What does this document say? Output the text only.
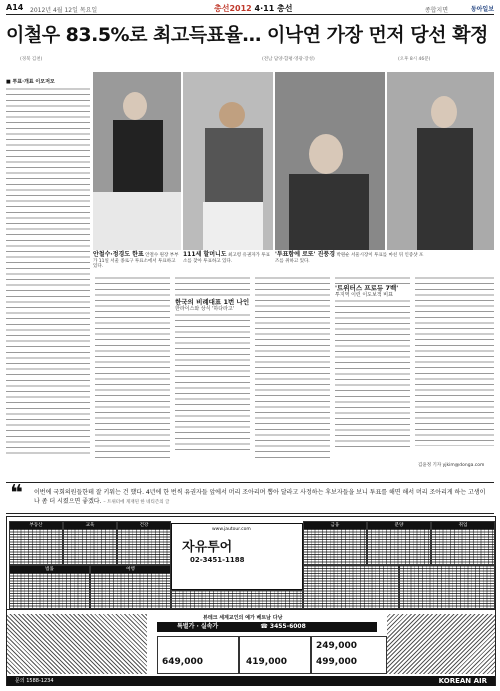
A14 2012년 4월 12일 목요일	총선2012 4·11 총선	종합지면	동아일보
이철우 83.5%로 최고득표율… 이낙연 가장 먼저 당선 확정
(경북 김천)	(전남 담양·함평·영광·장성)	(오후 8시 46분)
■ 투표·개표 이모저모
안철수·정경도 한표 안철수 원장 부부가 11일 서울 종로구 투표소에서 투표하고 있다.
111세 할머니도 최고령 유권자가 투표소를 찾아 투표하고 있다.
'투표함에 로또' 진풍경 박원순 서울시장이 투표를 마친 뒤 인증샷 포즈를 취하고 있다.
한국의 비례대표 1번 나인
한라이스와 상식 '하다라고'
'트위터스 프로듀 7백'
투지역 이런 이도보적 비표
김윤정 기자 yjkim@donga.com
❝ 이번에 국회의원들한테 잘 키워는 건 했다. 4년에 한 번씩 유권자들 앞에서 머리 조아리며 뽑아 달라고 사정하는 후보자들을 보니 투표를 해면 해서 머리 조아리게 하는 고생이나 좀 더 시켰으면 좋겠다. – 트위터에 게재된 한 네티즌의 글
부동산	교육	건강
법률	여행
www.jautour.com
자유투어
02-3451-1188
금융	분양	취업
뷰테크 세계교인의 예가 베트남 다낭
특별가 · 실속가	☎ 3455-6008
649,000	419,000
249,000
499,000
문의 1588-1234	KOREAN AIR
